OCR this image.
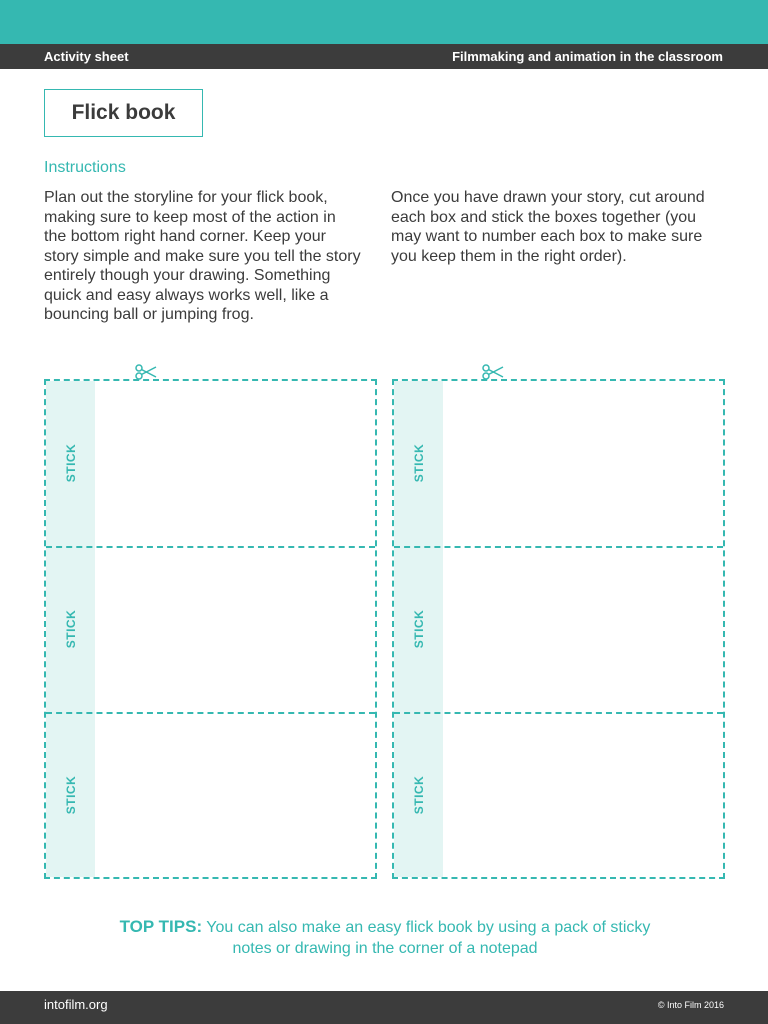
Activity sheet	Filmmaking and animation in the classroom
Flick book
Instructions
Plan out the storyline for your flick book, making sure to keep most of the action in the bottom right hand corner. Keep your story simple and make sure you tell the story entirely though your drawing. Something quick and easy always works well, like a bouncing ball or jumping frog.
Once you have drawn your story, cut around each box and stick the boxes together (you may want to number each box to make sure you keep them in the right order).
STICK
STICK
STICK
STICK
STICK
STICK
TOP TIPS: You can also make an easy flick book by using a pack of sticky notes or drawing in the corner of a notepad
intofilm.org	© Into Film 2016
